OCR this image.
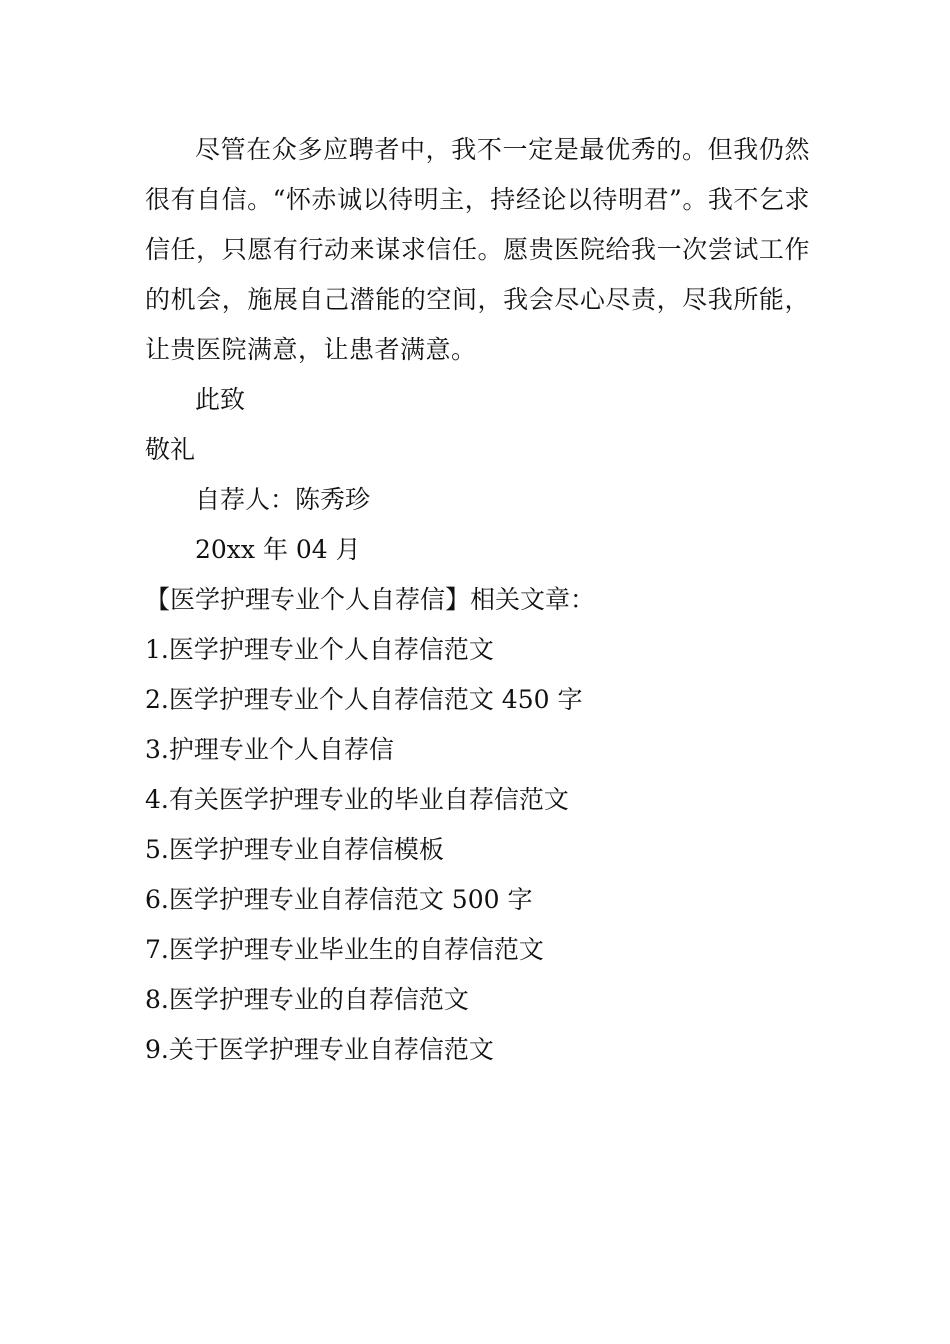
尽管在众多应聘者中，我不一定是最优秀的。但我仍然很有自信。“怀赤诚以待明主，持经论以待明君”。我不乞求信任，只愿有行动来谋求信任。愿贵医院给我一次尝试工作的机会，施展自己潜能的空间，我会尽心尽责，尽我所能，让贵医院满意，让患者满意。

此致

敬礼

自荐人：陈秀珍

20xx 年 04 月

【医学护理专业个人自荐信】相关文章：

1.医学护理专业个人自荐信范文
2.医学护理专业个人自荐信范文 450 字
3.护理专业个人自荐信
4.有关医学护理专业的毕业自荐信范文
5.医学护理专业自荐信模板
6.医学护理专业自荐信范文 500 字
7.医学护理专业毕业生的自荐信范文
8.医学护理专业的自荐信范文
9.关于医学护理专业自荐信范文
